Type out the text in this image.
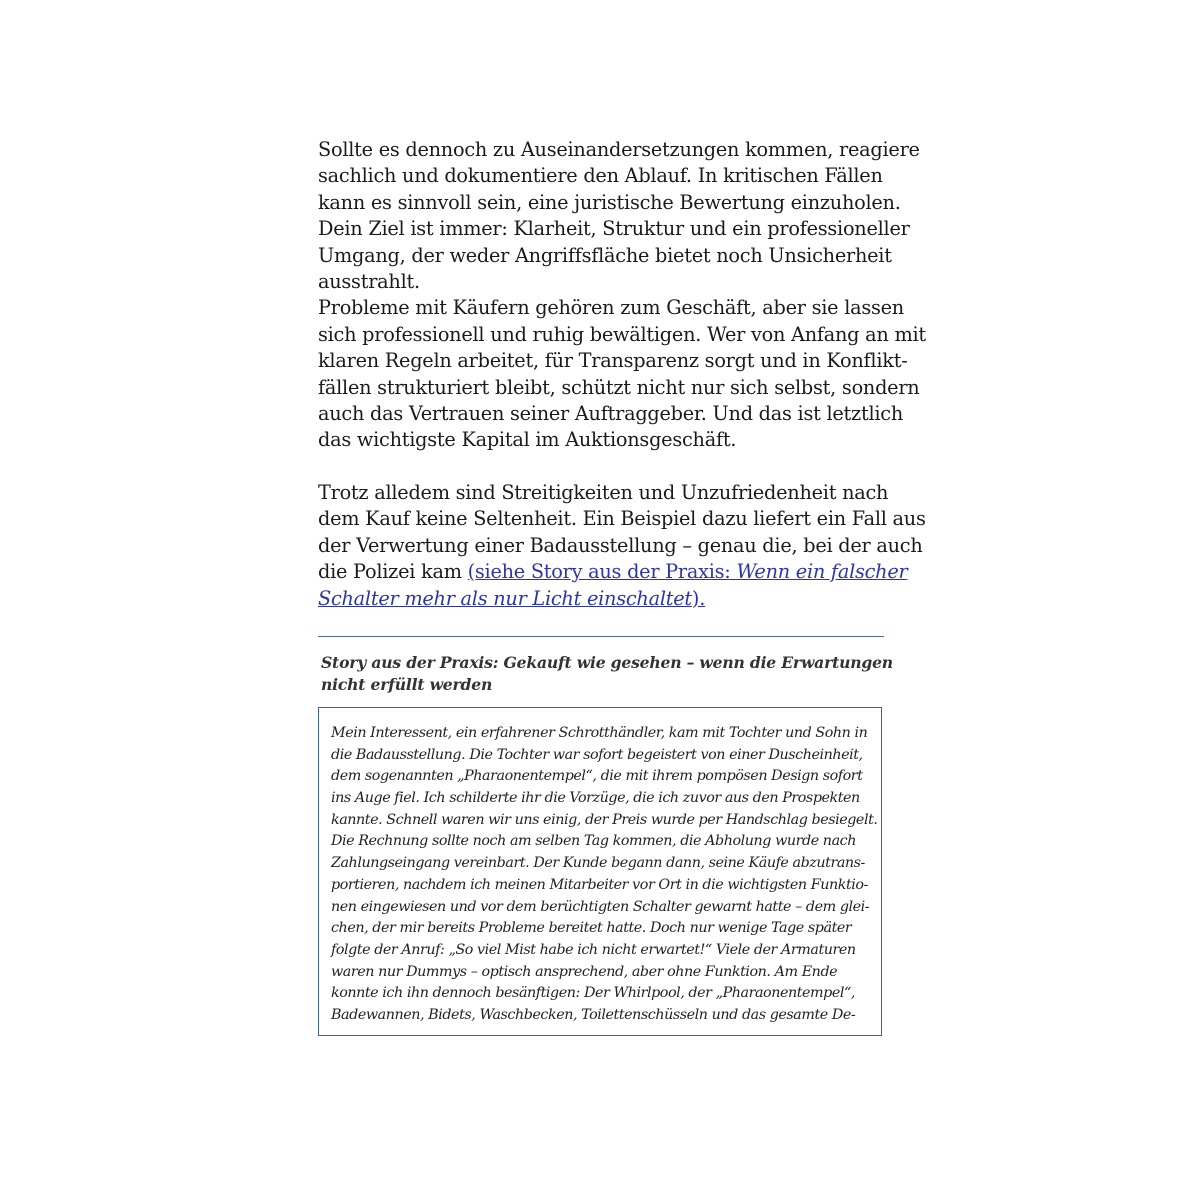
Sollte es dennoch zu Auseinandersetzungen kommen, reagiere
sachlich und dokumentiere den Ablauf. In kritischen Fällen
kann es sinnvoll sein, eine juristische Bewertung einzuholen.
Dein Ziel ist immer: Klarheit, Struktur und ein professioneller
Umgang, der weder Angriffsfläche bietet noch Unsicherheit
ausstrahlt.

Probleme mit Käufern gehören zum Geschäft, aber sie lassen
sich professionell und ruhig bewältigen. Wer von Anfang an mit
klaren Regeln arbeitet, für Transparenz sorgt und in Konflikt-
fällen strukturiert bleibt, schützt nicht nur sich selbst, sondern
auch das Vertrauen seiner Auftraggeber. Und das ist letztlich
das wichtigste Kapital im Auktionsgeschäft.

Trotz alledem sind Streitigkeiten und Unzufriedenheit nach
dem Kauf keine Seltenheit. Ein Beispiel dazu liefert ein Fall aus
der Verwertung einer Badausstellung – genau die, bei der auch
die Polizei kam (siehe Story aus der Praxis: Wenn ein falscher
Schalter mehr als nur Licht einschaltet).

Story aus der Praxis: Gekauft wie gesehen – wenn die Erwartungen
nicht erfüllt werden

Mein Interessent, ein erfahrener Schrotthändler, kam mit Tochter und Sohn in
die Badausstellung. Die Tochter war sofort begeistert von einer Duscheinheit,
dem sogenannten „Pharaonentempel“, die mit ihrem pompösen Design sofort
ins Auge fiel. Ich schilderte ihr die Vorzüge, die ich zuvor aus den Prospekten
kannte. Schnell waren wir uns einig, der Preis wurde per Handschlag besiegelt.
Die Rechnung sollte noch am selben Tag kommen, die Abholung wurde nach
Zahlungseingang vereinbart. Der Kunde begann dann, seine Käufe abzutrans-
portieren, nachdem ich meinen Mitarbeiter vor Ort in die wichtigsten Funktio-
nen eingewiesen und vor dem berüchtigten Schalter gewarnt hatte – dem glei-
chen, der mir bereits Probleme bereitet hatte. Doch nur wenige Tage später
folgte der Anruf: „So viel Mist habe ich nicht erwartet!“ Viele der Armaturen
waren nur Dummys – optisch ansprechend, aber ohne Funktion. Am Ende
konnte ich ihn dennoch besänftigen: Der Whirlpool, der „Pharaonentempel“,
Badewannen, Bidets, Waschbecken, Toilettenschüsseln und das gesamte De-
